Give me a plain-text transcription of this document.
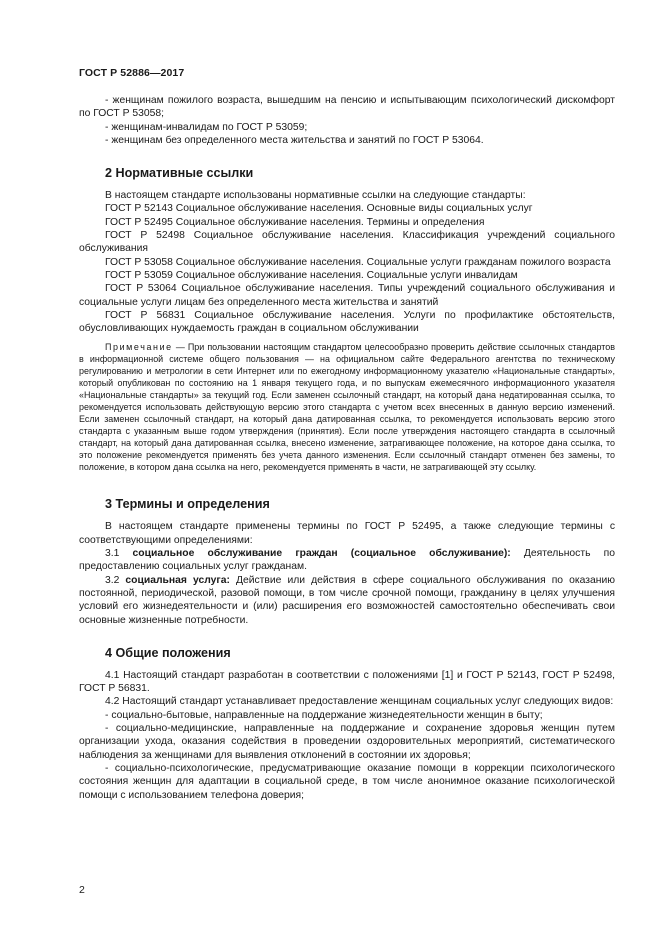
ГОСТ Р 52886—2017

- женщинам пожилого возраста, вышедшим на пенсию и испытывающим психологический дискомфорт по ГОСТ Р 53058;

- женщинам-инвалидам по ГОСТ Р 53059;

- женщинам без определенного места жительства и занятий по ГОСТ Р 53064.

2 Нормативные ссылки

В настоящем стандарте использованы нормативные ссылки на следующие стандарты:

ГОСТ Р 52143 Социальное обслуживание населения. Основные виды социальных услуг

ГОСТ Р 52495 Социальное обслуживание населения. Термины и определения

ГОСТ Р 52498 Социальное обслуживание населения. Классификация учреждений социального обслуживания

ГОСТ Р 53058 Социальное обслуживание населения. Социальные услуги гражданам пожилого возраста

ГОСТ Р 53059 Социальное обслуживание населения. Социальные услуги инвалидам

ГОСТ Р 53064 Социальное обслуживание населения. Типы учреждений социального обслуживания и социальные услуги лицам без определенного места жительства и занятий

ГОСТ Р 56831 Социальное обслуживание населения. Услуги по профилактике обстоятельств, обусловливающих нуждаемость граждан в социальном обслуживании

Примечание — При пользовании настоящим стандартом целесообразно проверить действие ссылочных стандартов в информационной системе общего пользования — на официальном сайте Федерального агентства по техническому регулированию и метрологии в сети Интернет или по ежегодному информационному указателю «Национальные стандарты», который опубликован по состоянию на 1 января текущего года, и по выпускам ежемесячного информационного указателя «Национальные стандарты» за текущий год. Если заменен ссылочный стандарт, на который дана недатированная ссылка, то рекомендуется использовать действующую версию этого стандарта с учетом всех внесенных в данную версию изменений. Если заменен ссылочный стандарт, на который дана датированная ссылка, то рекомендуется использовать версию этого стандарта с указанным выше годом утверждения (принятия). Если после утверждения настоящего стандарта в ссылочный стандарт, на который дана датированная ссылка, внесено изменение, затрагивающее положение, на которое дана ссылка, то это положение рекомендуется применять без учета данного изменения. Если ссылочный стандарт отменен без замены, то положение, в котором дана ссылка на него, рекомендуется применять в части, не затрагивающей эту ссылку.

3 Термины и определения

В настоящем стандарте применены термины по ГОСТ Р 52495, а также следующие термины с соответствующими определениями:

3.1 социальное обслуживание граждан (социальное обслуживание): Деятельность по предоставлению социальных услуг гражданам.

3.2 социальная услуга: Действие или действия в сфере социального обслуживания по оказанию постоянной, периодической, разовой помощи, в том числе срочной помощи, гражданину в целях улучшения условий его жизнедеятельности и (или) расширения его возможностей самостоятельно обеспечивать свои основные жизненные потребности.

4 Общие положения

4.1 Настоящий стандарт разработан в соответствии с положениями [1] и ГОСТ Р 52143, ГОСТ Р 52498, ГОСТ Р 56831.

4.2 Настоящий стандарт устанавливает предоставление женщинам социальных услуг следующих видов:

- социально-бытовые, направленные на поддержание жизнедеятельности женщин в быту;

- социально-медицинские, направленные на поддержание и сохранение здоровья женщин путем организации ухода, оказания содействия в проведении оздоровительных мероприятий, систематического наблюдения за женщинами для выявления отклонений в состоянии их здоровья;

- социально-психологические, предусматривающие оказание помощи в коррекции психологического состояния женщин для адаптации в социальной среде, в том числе анонимное оказание психологической помощи с использованием телефона доверия;

2
